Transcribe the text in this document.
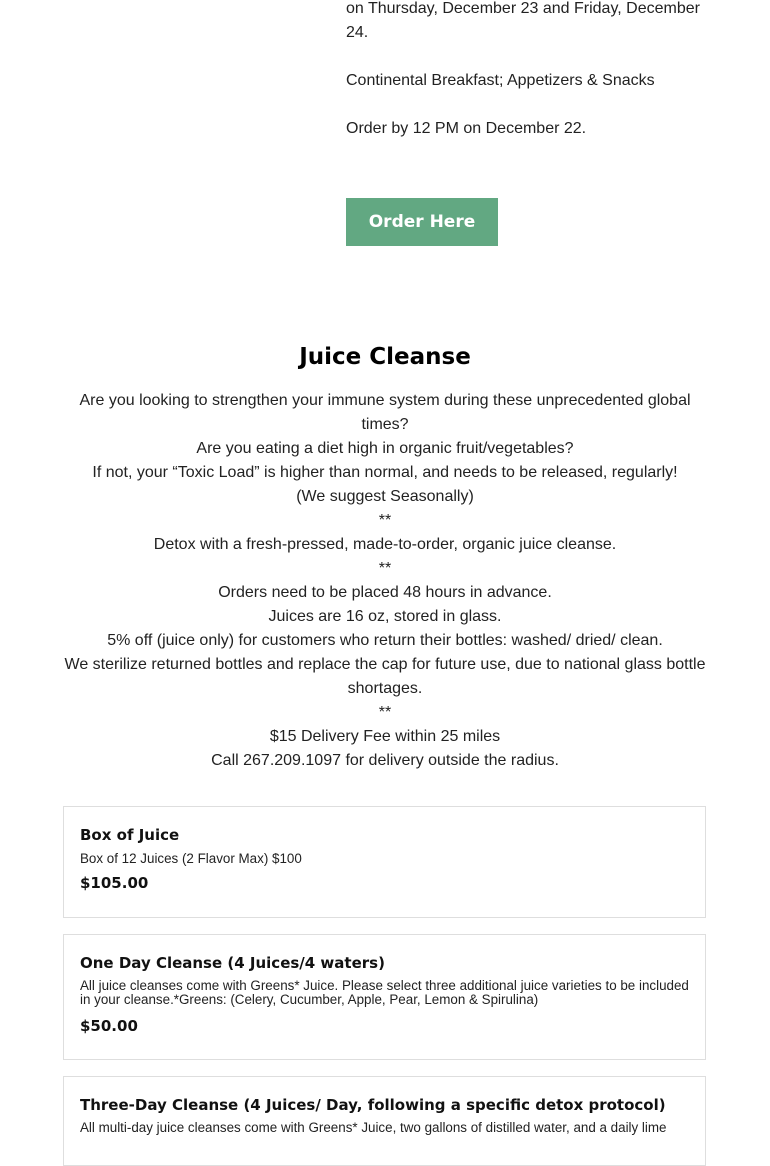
on Thursday, December 23 and Friday, December 24.

Continental Breakfast; Appetizers & Snacks

Order by 12 PM on December 22.

Order Here
Juice Cleanse
Are you looking to strengthen your immune system during these unprecedented global times?
Are you eating a diet high in organic fruit/vegetables?
If not, your “Toxic Load” is higher than normal, and needs to be released, regularly!
(We suggest Seasonally)
**
Detox with a fresh-pressed, made-to-order, organic juice cleanse.
**
Orders need to be placed 48 hours in advance.
Juices are 16 oz, stored in glass.
5% off (juice only) for customers who return their bottles: washed/ dried/ clean.
We sterilize returned bottles and replace the cap for future use, due to national glass bottle shortages.
**
$15 Delivery Fee within 25 miles
Call 267.209.1097 for delivery outside the radius.
Box of Juice
Box of 12 Juices (2 Flavor Max) $100
$105.00
One Day Cleanse (4 Juices/4 waters)
All juice cleanses come with Greens* Juice. Please select three additional juice varieties to be included in your cleanse.*Greens: (Celery, Cucumber, Apple, Pear, Lemon & Spirulina)
$50.00
Three-Day Cleanse (4 Juices/ Day, following a specific detox protocol)
All multi-day juice cleanses come with Greens* Juice, two gallons of distilled water, and a daily lime
